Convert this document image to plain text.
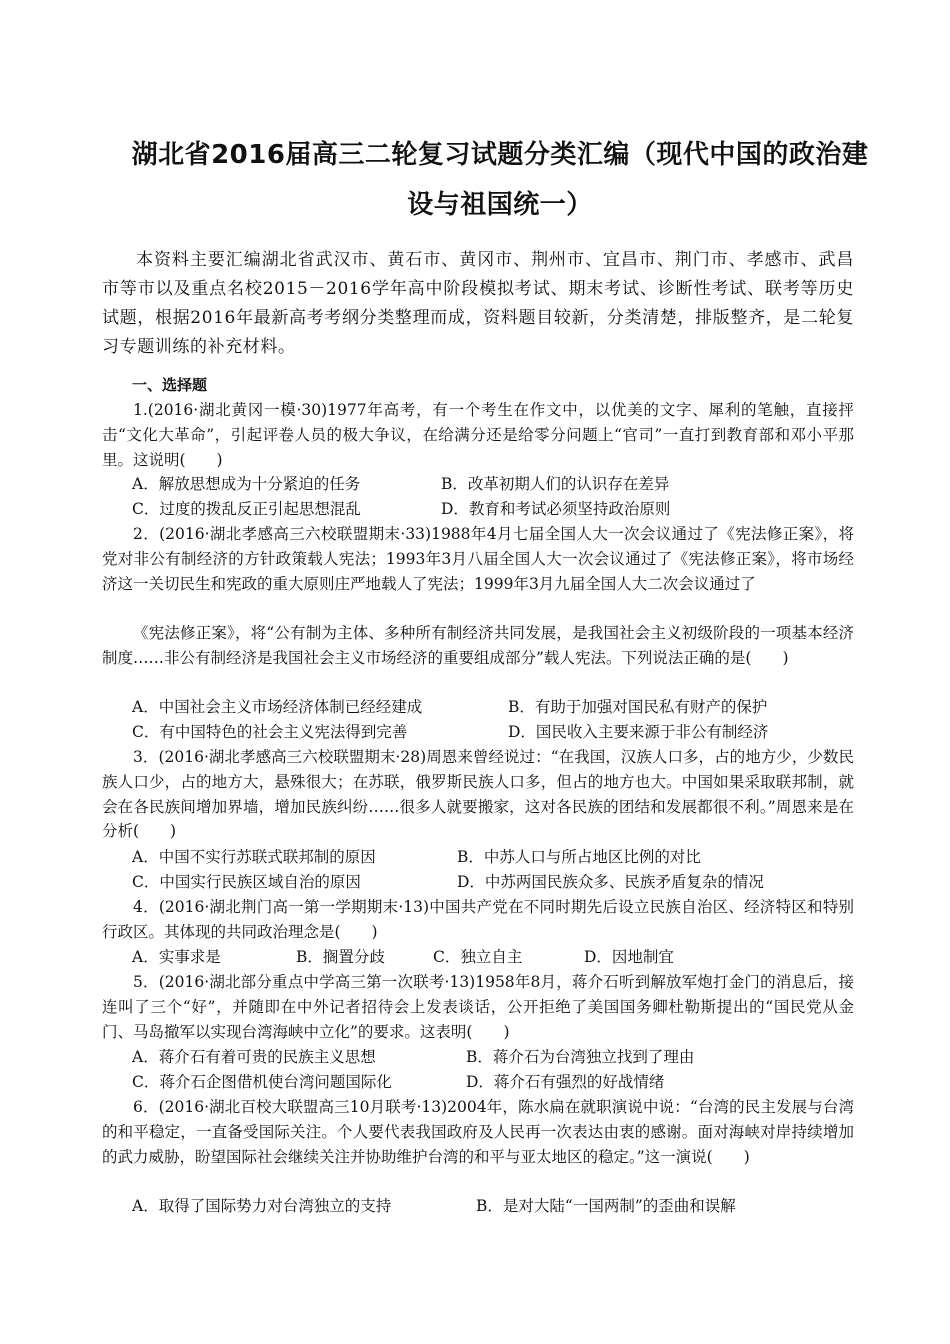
湖北省2016届高三二轮复习试题分类汇编（现代中国的政治建
设与祖国统一）
本资料主要汇编湖北省武汉市、黄石市、黄冈市、荆州市、宜昌市、荆门市、孝感市、武昌市等市以及重点名校2015－2016学年高中阶段模拟考试、期末考试、诊断性考试、联考等历史试题，根据2016年最新高考考纲分类整理而成，资料题目较新，分类清楚，排版整齐，是二轮复习专题训练的补充材料。
一、选择题
1.(2016·湖北黄冈一模·30)1977年高考，有一个考生在作文中，以优美的文字、犀利的笔触，直接抨击“文化大革命”，引起评卷人员的极大争议，在给满分还是给零分问题上“官司”一直打到教育部和邓小平那里。这说明(　　)
A．解放思想成为十分紧迫的任务	B．改革初期人们的认识存在差异
C．过度的拨乱反正引起思想混乱	D．教育和考试必须坚持政治原则
2．(2016·湖北孝感高三六校联盟期末·33)1988年4月七届全国人大一次会议通过了《宪法修正案》，将党对非公有制经济的方针政策载人宪法；1993年3月八届全国人大一次会议通过了《宪法修正案》，将市场经济这一关切民生和宪政的重大原则庄严地载人了宪法；1999年3月九届全国人大二次会议通过了
《宪法修正案》，将“公有制为主体、多种所有制经济共同发展，是我国社会主义初级阶段的一项基本经济制度……非公有制经济是我国社会主义市场经济的重要组成部分”载人宪法。下列说法正确的是(　　)
A．中国社会主义市场经济体制已经经建成	B．有助于加强对国民私有财产的保护
C．有中国特色的社会主义宪法得到完善	D．国民收入主要来源于非公有制经济
3．(2016·湖北孝感高三六校联盟期末·28)周恩来曾经说过：“在我国，汉族人口多，占的地方少，少数民族人口少，占的地方大，悬殊很大；在苏联，俄罗斯民族人口多，但占的地方也大。中国如果采取联邦制，就会在各民族间增加界墙，增加民族纠纷……很多人就要搬家，这对各民族的团结和发展都很不利。”周恩来是在分析(　　)
A．中国不实行苏联式联邦制的原因	B．中苏人口与所占地区比例的对比
C．中国实行民族区域自治的原因	D．中苏两国民族众多、民族矛盾复杂的情况
4．(2016·湖北荆门高一第一学期期末·13)中国共产党在不同时期先后设立民族自治区、经济特区和特别行政区。其体现的共同政治理念是(　　)
A．实事求是	B．搁置分歧	C．独立自主	D．因地制宜
5．(2016·湖北部分重点中学高三第一次联考·13)1958年8月，蒋介石听到解放军炮打金门的消息后，接连叫了三个“好”，并随即在中外记者招待会上发表谈话，公开拒绝了美国国务卿杜勒斯提出的“国民党从金门、马岛撤军以实现台湾海峡中立化”的要求。这表明(　　)
A．蒋介石有着可贵的民族主义思想	B．蒋介石为台湾独立找到了理由
C．蒋介石企图借机使台湾问题国际化	D．蒋介石有强烈的好战情绪
6．(2016·湖北百校大联盟高三10月联考·13)2004年，陈水扁在就职演说中说：“台湾的民主发展与台湾的和平稳定，一直备受国际关注。个人要代表我国政府及人民再一次表达由衷的感谢。面对海峡对岸持续增加的武力威胁，盼望国际社会继续关注并协助维护台湾的和平与亚太地区的稳定。”这一演说(　　)
A．取得了国际势力对台湾独立的支持	B．是对大陆“一国两制”的歪曲和误解
